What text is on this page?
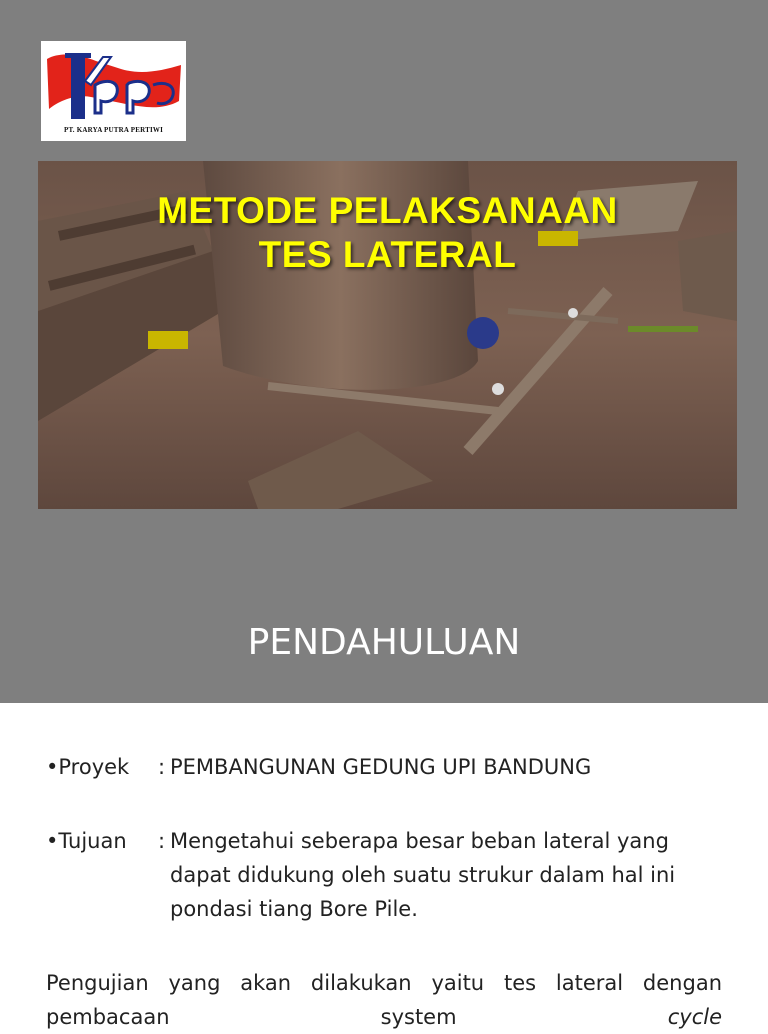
PT. KARYA PUTRA PERTIWI
METODE PELAKSANAAN
TES LATERAL
PENDAHULUAN
•Proyek	: PEMBANGUNAN GEDUNG UPI BANDUNG
•Tujuan	: Mengetahui seberapa besar beban lateral yang
dapat didukung oleh suatu strukur dalam hal ini
pondasi tiang Bore Pile.
Pengujian yang akan dilakukan yaitu tes lateral dengan pembacaan system	cycle
